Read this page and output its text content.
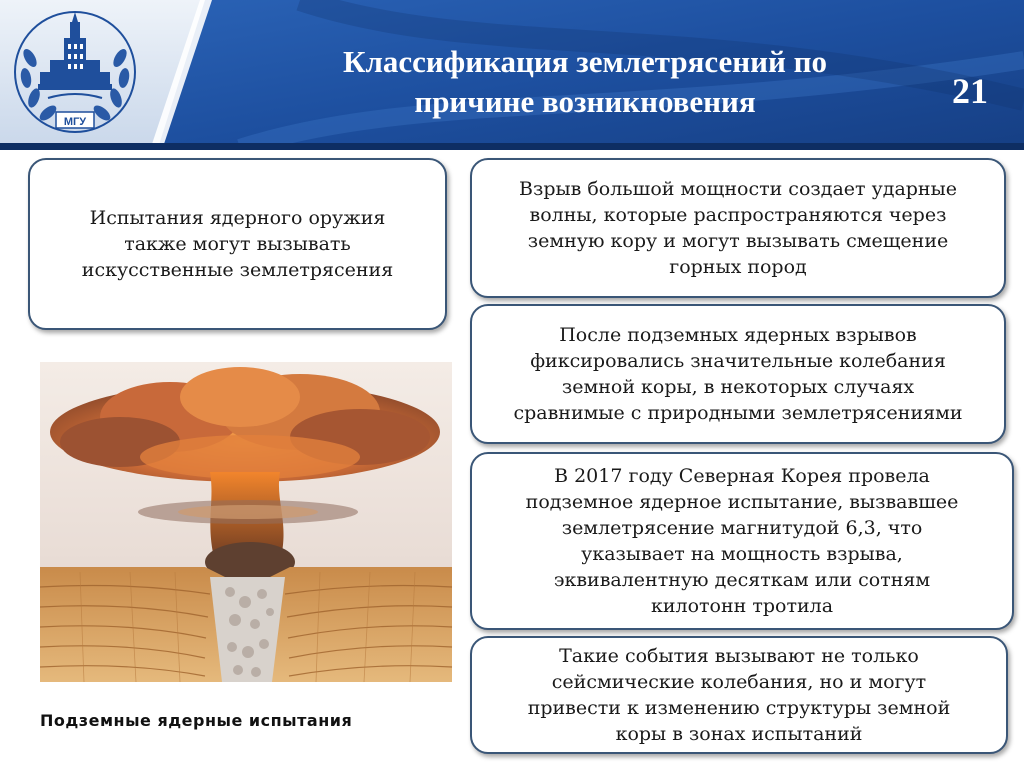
МГУ
Классификация землетрясений по
причине возникновения	21
Испытания ядерного оружия
также могут вызывать
искусственные землетрясения
Взрыв большой мощности создает ударные
волны, которые распространяются через
земную кору и могут вызывать смещение
горных пород
После подземных ядерных взрывов
фиксировались значительные колебания
земной коры, в некоторых случаях
сравнимые с природными землетрясениями
В 2017 году Северная Корея провела
подземное ядерное испытание, вызвавшее
землетрясение магнитудой 6,3, что
указывает на мощность взрыва,
эквивалентную десяткам или сотням
килотонн тротила
Такие события вызывают не только
сейсмические колебания, но и могут
привести к изменению структуры земной
коры в зонах испытаний
Подземные ядерные испытания
